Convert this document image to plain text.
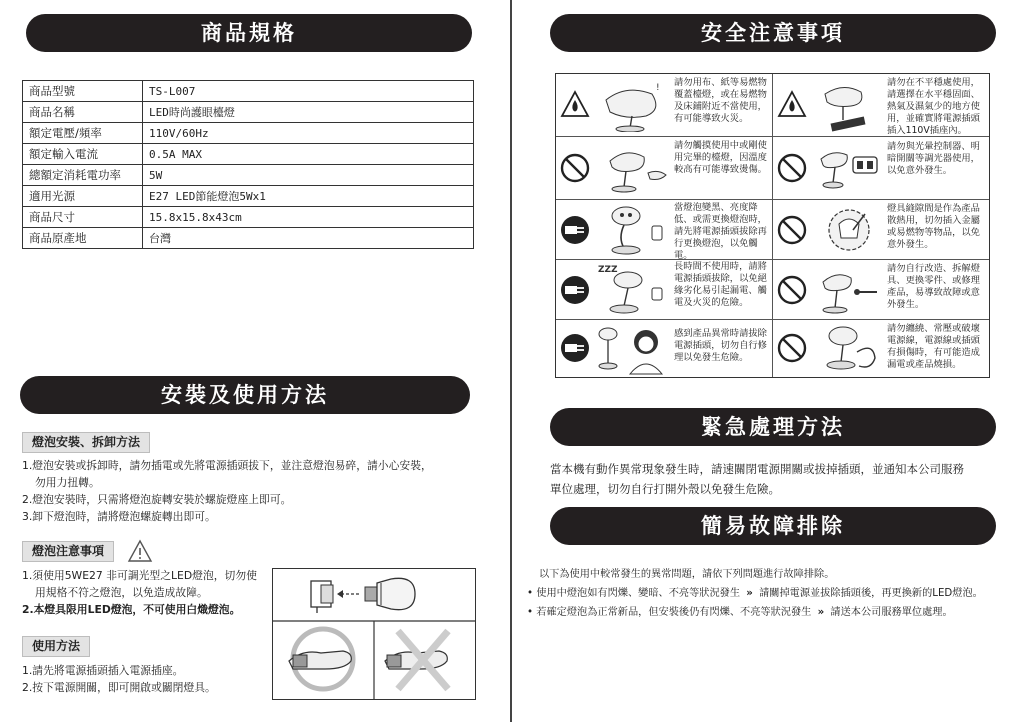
商品規格
商品型號	TS-L007
商品名稱	LED時尚護眼檯燈
額定電壓/頻率	110V/60Hz
額定輸入電流	0.5A MAX
總額定消耗電功率	5W
適用光源	E27 LED節能燈泡5Wx1
商品尺寸	15.8x15.8x43cm
商品原產地	台灣
安裝及使用方法
燈泡安裝、拆卸方法

1.燈泡安裝或拆卸時，請勿插電或先將電源插頭拔下，並注意燈泡易碎，請小心安裝，

勿用力扭轉。

2.燈泡安裝時，只需將燈泡旋轉安裝於螺旋燈座上即可。

3.卸下燈泡時，請將燈泡螺旋轉出即可。

燈泡注意事項

1.須使用5WE27 非可調光型之LED燈泡，切勿使

用規格不符之燈泡，以免造成故障。

2.本燈具限用LED燈泡，不可使用白熾燈泡。

使用方法

1.請先將電源插頭插入電源插座。

2.按下電源開關，即可開啟或關閉燈具。

安全注意事項
! 請勿用布、紙等易燃物覆蓋檯燈，或在易燃物及床鋪附近不當使用，有可能導致火災。
請勿在不平穩處使用，請選擇在水平穩固面、熱氣及濕氣少的地方使用，並確實將電源插頭插入110V插座內。
請勿觸摸使用中或剛使用完畢的檯燈，因溫度較高有可能導致燙傷。
請勿與光暈控制器、明暗開關等調光器使用，以免意外發生。
當燈泡變黑、亮度降低、或需更換燈泡時，請先將電源插頭拔除再行更換燈泡，以免觸電。
燈具縫隙間是作為產品散熱用，切勿插入金屬或易燃物等物品，以免意外發生。
ZZZ	長時間不使用時，請將電源插頭拔除，以免絕緣劣化易引起漏電、觸電及火災的危險。
請勿自行改造、拆解燈具、更換零件、或修理產品，易導致故障或意外發生。
感到產品異常時請拔除電源插頭，切勿自行修理以免發生危險。
請勿纏繞、常壓或破壞電源線，電源線或插頭有損傷時，有可能造成漏電或產品燒損。
緊急處理方法
當本機有動作異常現象發生時，請速關閉電源開關或拔掉插頭，並通知本公司服務
單位處理，切勿自行打開外殼以免發生危險。
簡易故障排除

以下為使用中較常發生的異常問題，請依下列問題進行故障排除。

• 使用中燈泡如有閃爍、變暗、不亮等狀況發生 » 請關掉電源並拔除插頭後，再更換新的LED燈泡。

• 若確定燈泡為正常新品，但安裝後仍有閃爍、不亮等狀況發生 » 請送本公司服務單位處理。
